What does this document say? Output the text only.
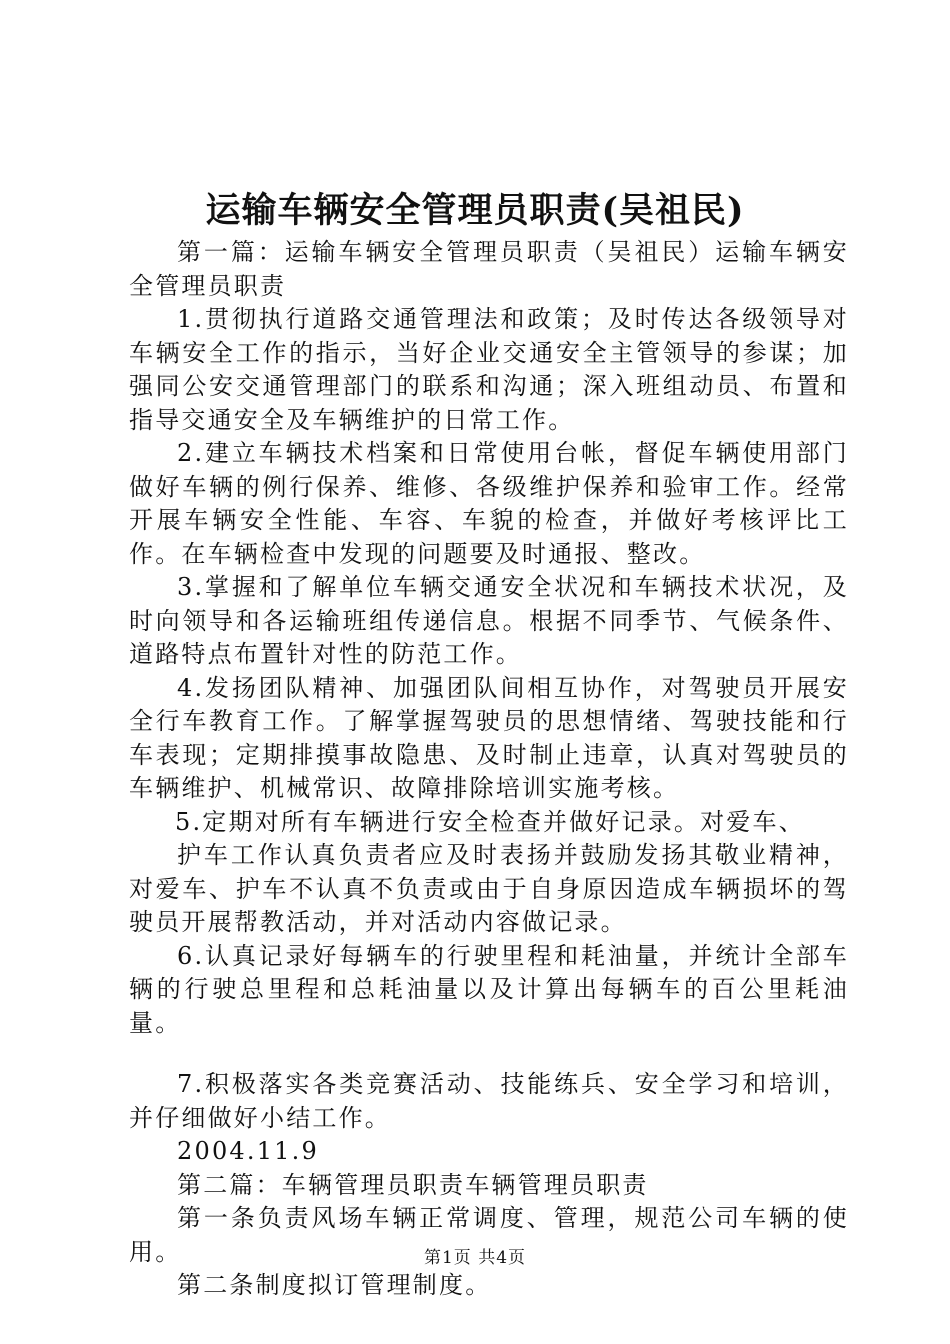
运输车辆安全管理员职责(吴祖民)

第一篇：运输车辆安全管理员职责（吴祖民）运输车辆安全管理员职责

1.贯彻执行道路交通管理法和政策；及时传达各级领导对车辆安全工作的指示，当好企业交通安全主管领导的参谋；加强同公安交通管理部门的联系和沟通；深入班组动员、布置和指导交通安全及车辆维护的日常工作。

2.建立车辆技术档案和日常使用台帐，督促车辆使用部门做好车辆的例行保养、维修、各级维护保养和验审工作。经常开展车辆安全性能、车容、车貌的检查，并做好考核评比工作。在车辆检查中发现的问题要及时通报、整改。

3.掌握和了解单位车辆交通安全状况和车辆技术状况，及时向领导和各运输班组传递信息。根据不同季节、气候条件、道路特点布置针对性的防范工作。

4.发扬团队精神、加强团队间相互协作，对驾驶员开展安全行车教育工作。了解掌握驾驶员的思想情绪、驾驶技能和行车表现；定期排摸事故隐患、及时制止违章，认真对驾驶员的车辆维护、机械常识、故障排除培训实施考核。

5.定期对所有车辆进行安全检查并做好记录。对爱车、

护车工作认真负责者应及时表扬并鼓励发扬其敬业精神，对爱车、护车不认真不负责或由于自身原因造成车辆损坏的驾驶员开展帮教活动，并对活动内容做记录。

6.认真记录好每辆车的行驶里程和耗油量，并统计全部车辆的行驶总里程和总耗油量以及计算出每辆车的百公里耗油量。

7.积极落实各类竞赛活动、技能练兵、安全学习和培训，并仔细做好小结工作。

2004.11.9

第二篇：车辆管理员职责车辆管理员职责

第一条负责风场车辆正常调度、管理，规范公司车辆的使用。

第二条制度拟订管理制度。

第1页 共4页
